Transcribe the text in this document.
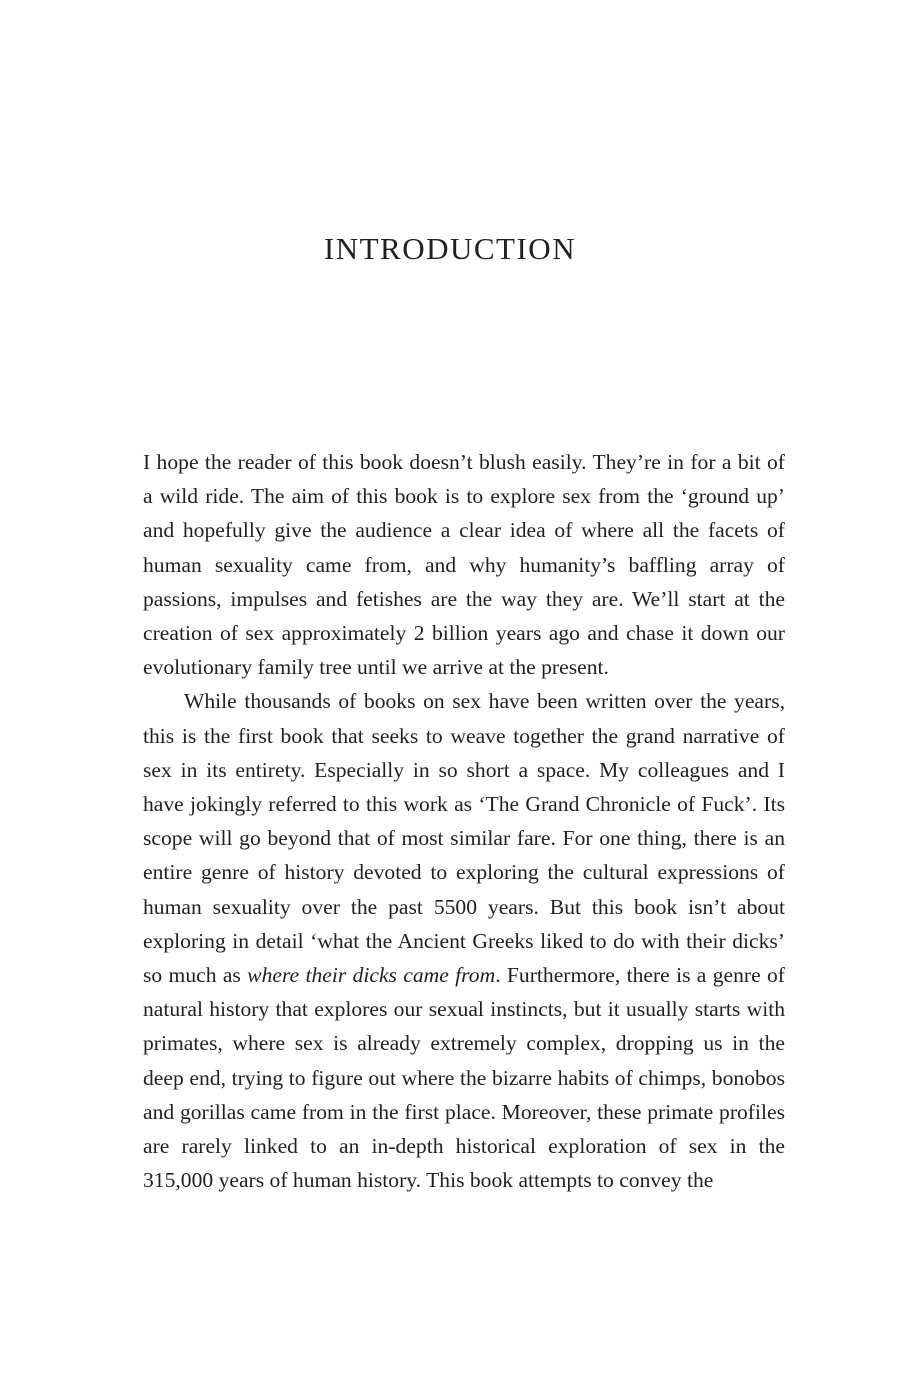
INTRODUCTION

I hope the reader of this book doesn’t blush easily. They’re in for a bit of a wild ride. The aim of this book is to explore sex from the ‘ground up’ and hopefully give the audience a clear idea of where all the facets of human sexuality came from, and why humanity’s baffling array of passions, impulses and fetishes are the way they are. We’ll start at the creation of sex approximately 2 billion years ago and chase it down our evolutionary family tree until we arrive at the present.

While thousands of books on sex have been written over the years, this is the first book that seeks to weave together the grand narrative of sex in its entirety. Especially in so short a space. My colleagues and I have jokingly referred to this work as ‘The Grand Chronicle of Fuck’. Its scope will go beyond that of most similar fare. For one thing, there is an entire genre of history devoted to exploring the cultural expressions of human sexuality over the past 5500 years. But this book isn’t about exploring in detail ‘what the Ancient Greeks liked to do with their dicks’ so much as where their dicks came from. Furthermore, there is a genre of natural history that explores our sexual instincts, but it usually starts with primates, where sex is already extremely complex, dropping us in the deep end, trying to figure out where the bizarre habits of chimps, bonobos and gorillas came from in the first place. Moreover, these primate profiles are rarely linked to an in-depth historical exploration of sex in the 315,000 years of human history. This book attempts to convey the
